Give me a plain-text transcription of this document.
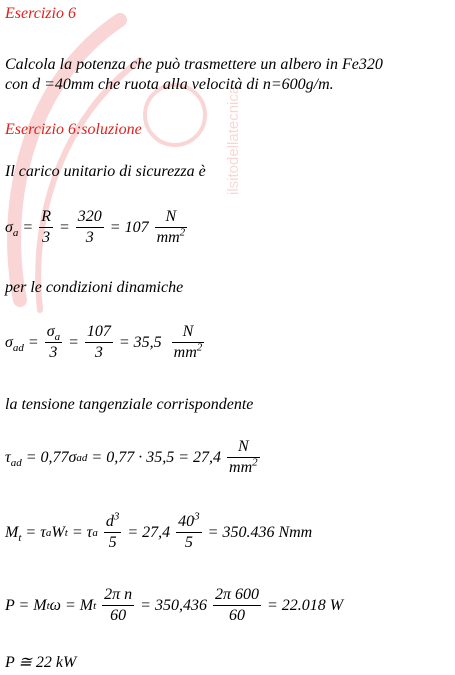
ilsitodellatecnica
Esercizio 6
Calcola la potenza che può trasmettere un albero in Fe320
con d =40mm che ruota alla velocità di n=600g/m.
Esercizio 6:soluzione
Il carico unitario di sicurezza è
$\sigma_a = \frac{R}{3} = \frac{320}{3}$
= 107
$\frac{N}{mm^2}$
per le condizioni dinamiche
$\sigma_{ad} = \frac{\sigma_a}{3} = \frac{107}{3}$
= 35,5
$\frac{N}{mm^2}$
la tensione tangenziale corrispondente
$\tau_{ad}$
= 0,77σ ad
= 0,77 · 35,5 = 27,4
$\frac{N}{mm^2}$
$M_t$
= τ a W t
= τ a
$\frac{d^3}{5}$
= 27,4
$\frac{40^3}{5}$
= 350.436 Nmm
P = M t ω = M t
$\frac{\text{2π n}}{60}$
= 350,436
$\frac{2\pi 600}{60}$
= 22.018 W
P ≅ 22 kW
